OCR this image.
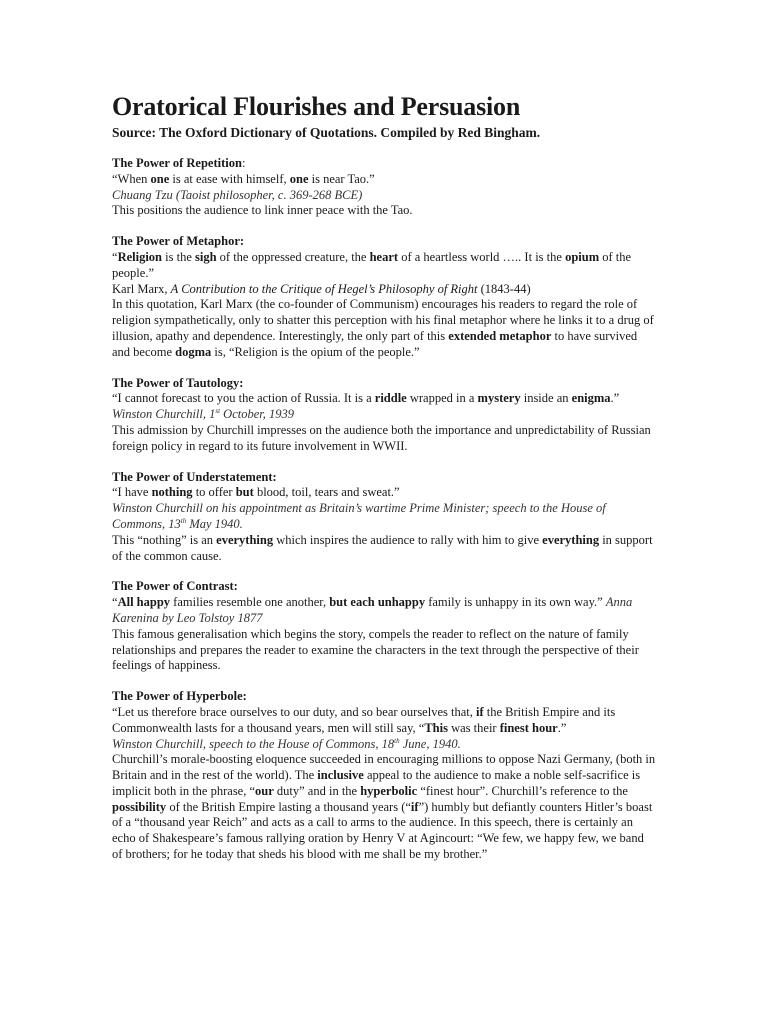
Oratorical Flourishes and Persuasion
Source: The Oxford Dictionary of Quotations. Compiled by Red Bingham.

The Power of Repetition:

“When one is at ease with himself, one is near Tao.”

Chuang Tzu (Taoist philosopher, c. 369-268 BCE)

This positions the audience to link inner peace with the Tao.

The Power of Metaphor:

“Religion is the sigh of the oppressed creature, the heart of a heartless world ….. It is the opium of the people.”

Karl Marx, A Contribution to the Critique of Hegel’s Philosophy of Right (1843-44)

In this quotation, Karl Marx (the co-founder of Communism) encourages his readers to regard the role of religion sympathetically, only to shatter this perception with his final metaphor where he links it to a drug of illusion, apathy and dependence. Interestingly, the only part of this extended metaphor to have survived and become dogma is, “Religion is the opium of the people.”

The Power of Tautology:

“I cannot forecast to you the action of Russia. It is a riddle wrapped in a mystery inside an enigma.”

Winston Churchill, 1st October, 1939

This admission by Churchill impresses on the audience both the importance and unpredictability of Russian foreign policy in regard to its future involvement in WWII.

The Power of Understatement:

“I have nothing to offer but blood, toil, tears and sweat.”

Winston Churchill on his appointment as Britain’s wartime Prime Minister; speech to the House of Commons, 13th May 1940.

This “nothing” is an everything which inspires the audience to rally with him to give everything in support of the common cause.

The Power of Contrast:

“All happy families resemble one another, but each unhappy family is unhappy in its own way.” Anna Karenina by Leo Tolstoy 1877

This famous generalisation which begins the story, compels the reader to reflect on the nature of family relationships and prepares the reader to examine the characters in the text through the perspective of their feelings of happiness.

The Power of Hyperbole:

“Let us therefore brace ourselves to our duty, and so bear ourselves that, if the British Empire and its Commonwealth lasts for a thousand years, men will still say, “This was their finest hour.”

Winston Churchill, speech to the House of Commons, 18th June, 1940.

Churchill’s morale-boosting eloquence succeeded in encouraging millions to oppose Nazi Germany, (both in Britain and in the rest of the world). The inclusive appeal to the audience to make a noble self-sacrifice is implicit both in the phrase, “our duty” and in the hyperbolic “finest hour”. Churchill’s reference to the possibility of the British Empire lasting a thousand years (“if”) humbly but defiantly counters Hitler’s boast of a “thousand year Reich” and acts as a call to arms to the audience. In this speech, there is certainly an echo of Shakespeare’s famous rallying oration by Henry V at Agincourt: “We few, we happy few, we band of brothers; for he today that sheds his blood with me shall be my brother.”
